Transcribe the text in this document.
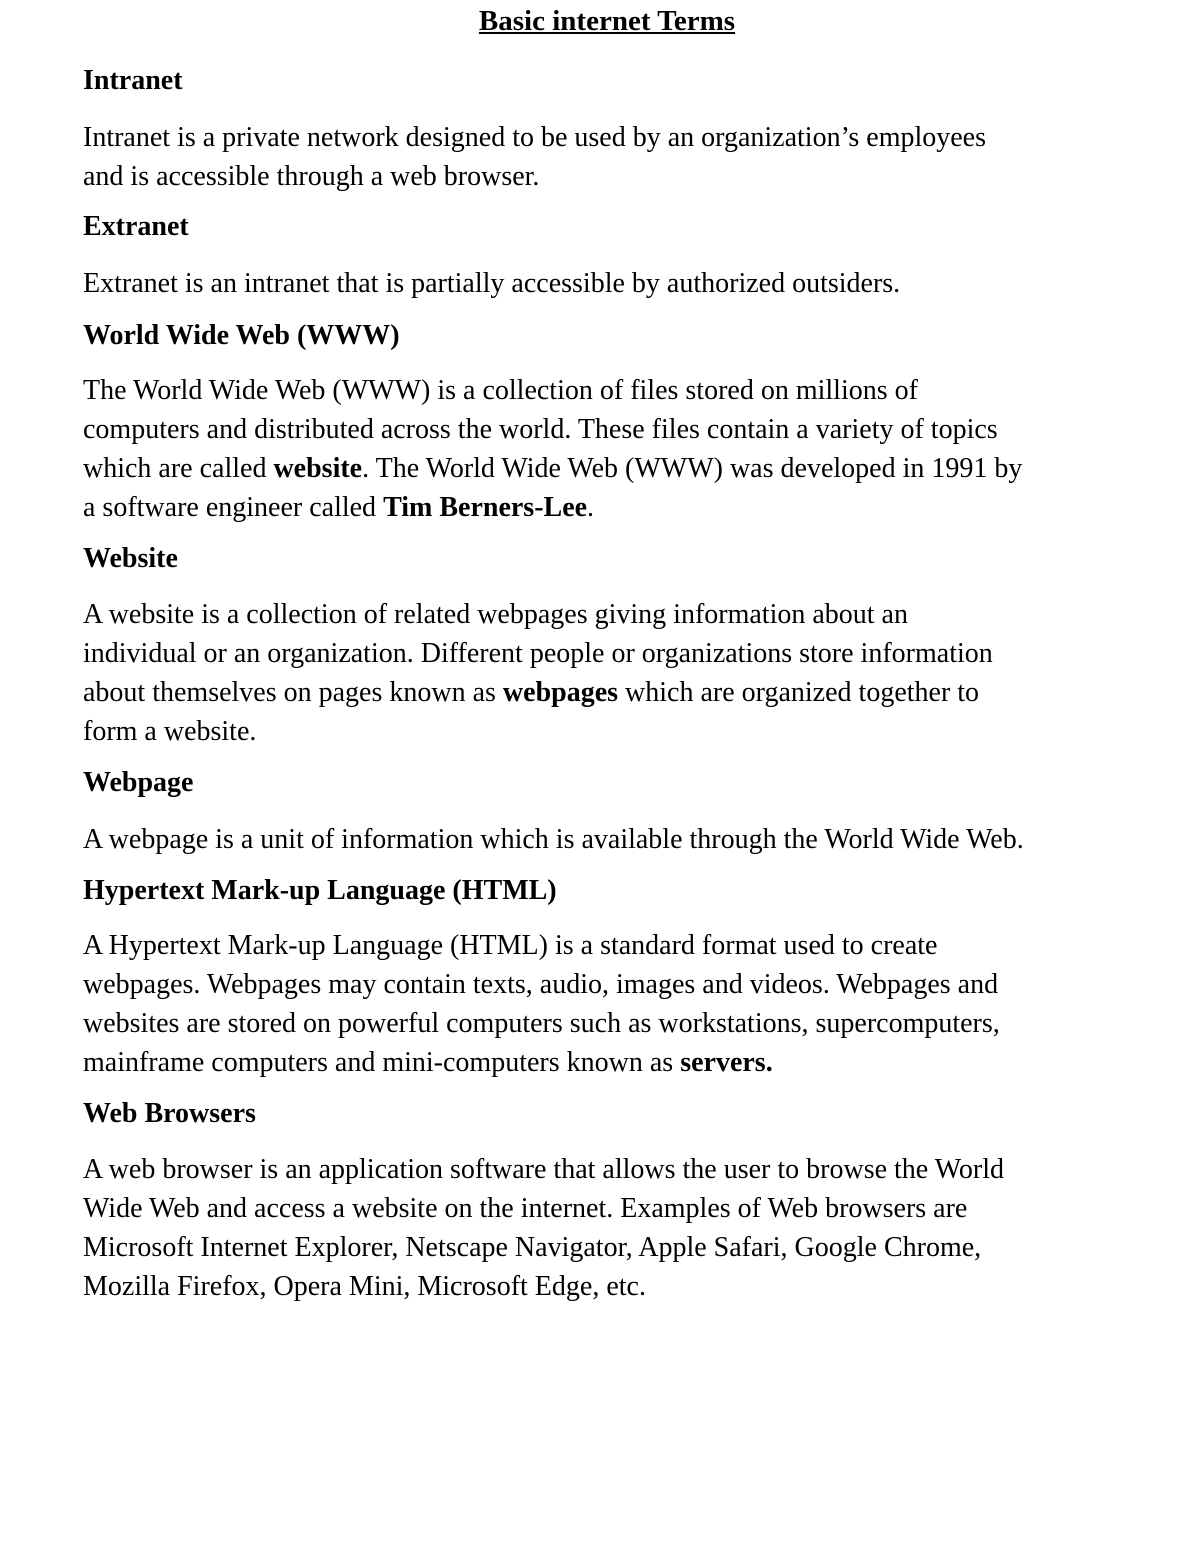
Basic internet Terms
Intranet

Intranet is a private network designed to be used by an organization’s employees
and is accessible through a web browser.

Extranet

Extranet is an intranet that is partially accessible by authorized outsiders.

World Wide Web (WWW)

The World Wide Web (WWW) is a collection of files stored on millions of
computers and distributed across the world. These files contain a variety of topics
which are called website. The World Wide Web (WWW) was developed in 1991 by
a software engineer called Tim Berners-Lee.

Website

A website is a collection of related webpages giving information about an
individual or an organization. Different people or organizations store information
about themselves on pages known as webpages which are organized together to
form a website.

Webpage

A webpage is a unit of information which is available through the World Wide Web.

Hypertext Mark-up Language (HTML)

A Hypertext Mark-up Language (HTML) is a standard format used to create
webpages. Webpages may contain texts, audio, images and videos. Webpages and
websites are stored on powerful computers such as workstations, supercomputers,
mainframe computers and mini-computers known as servers.

Web Browsers

A web browser is an application software that allows the user to browse the World
Wide Web and access a website on the internet. Examples of Web browsers are
Microsoft Internet Explorer, Netscape Navigator, Apple Safari, Google Chrome,
Mozilla Firefox, Opera Mini, Microsoft Edge, etc.
